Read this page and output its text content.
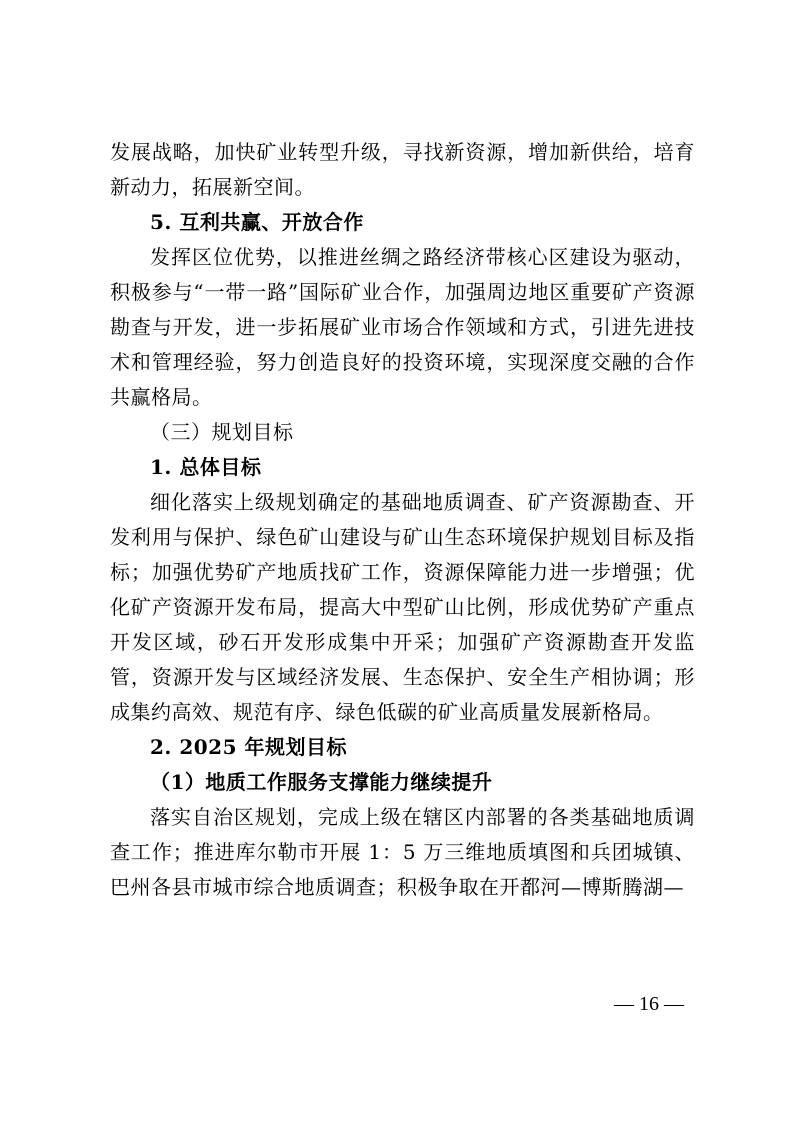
发展战略，加快矿业转型升级，寻找新资源，增加新供给，培育新动力，拓展新空间。

5. 互利共赢、开放合作

发挥区位优势，以推进丝绸之路经济带核心区建设为驱动，积极参与“一带一路”国际矿业合作，加强周边地区重要矿产资源勘查与开发，进一步拓展矿业市场合作领域和方式，引进先进技术和管理经验，努力创造良好的投资环境，实现深度交融的合作共赢格局。

（三）规划目标

1. 总体目标

细化落实上级规划确定的基础地质调查、矿产资源勘查、开发利用与保护、绿色矿山建设与矿山生态环境保护规划目标及指标；加强优势矿产地质找矿工作，资源保障能力进一步增强；优化矿产资源开发布局，提高大中型矿山比例，形成优势矿产重点开发区域，砂石开发形成集中开采；加强矿产资源勘查开发监管，资源开发与区域经济发展、生态保护、安全生产相协调；形成集约高效、规范有序、绿色低碳的矿业高质量发展新格局。

2. 2025 年规划目标

（1）地质工作服务支撑能力继续提升

落实自治区规划，完成上级在辖区内部署的各类基础地质调查工作；推进库尔勒市开展 1：5 万三维地质填图和兵团城镇、巴州各县市城市综合地质调查；积极争取在开都河—博斯腾湖—

— 16 —
